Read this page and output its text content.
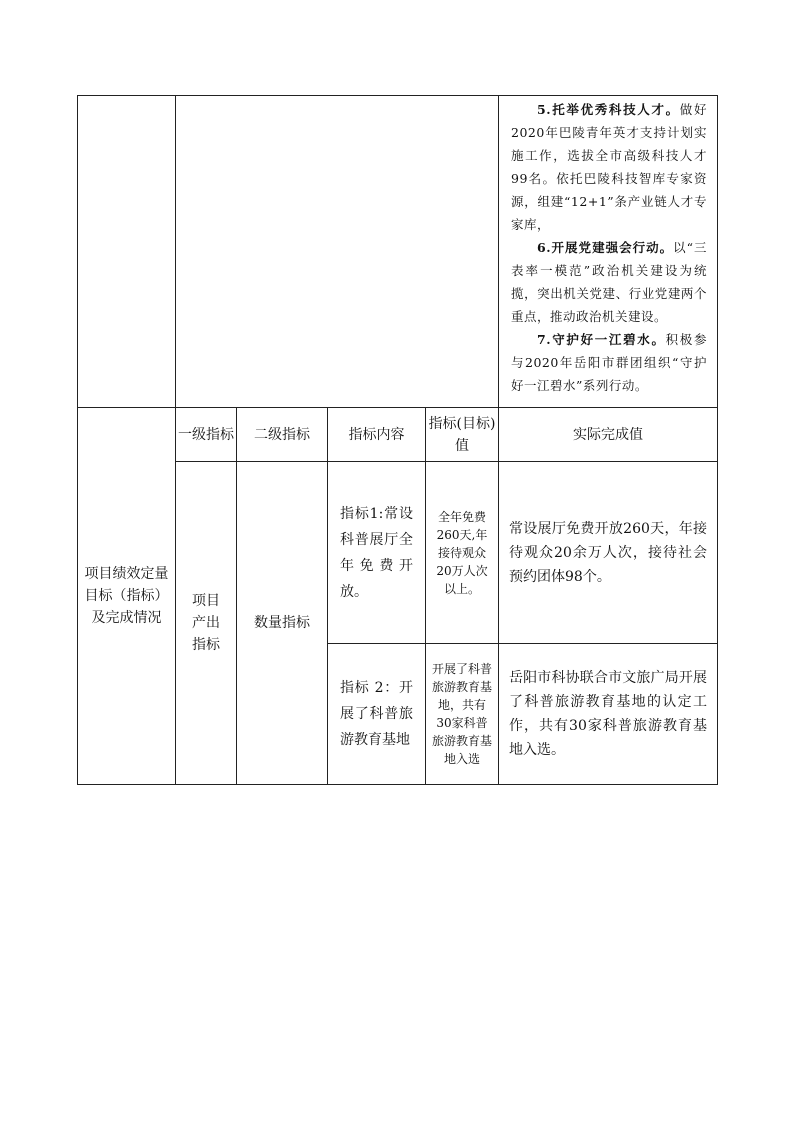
					5.托举优秀科技人才。做好2020年巴陵青年英才支持计划实施工作，选拔全市高级科技人才99名。依托巴陵科技智库专家资源，组建“12+1”条产业链人才专家库，

6.开展党建强会行动。以“三表率一模范”政治机关建设为统揽，突出机关党建、行业党建两个重点，推动政治机关建设。

7.守护好一江碧水。积极参与2020年岳阳市群团组织“守护好一江碧水”系列行动。

项目绩效定量目标（指标）及完成情况	一级指标	二级指标	指标内容	指标(目标)值	实际完成值
	项目产出指标	数量指标	指标1:常设科普展厅全年免费开放。	全年免费260天,年接待观众20万人次以上。	常设展厅免费开放260天，年接待观众20余万人次，接待社会预约团体98个。
			指标 2：开展了科普旅游教育基地	开展了科普旅游教育基地，共有 30家科普旅游教育基地入选	岳阳市科协联合市文旅广局开展了科普旅游教育基地的认定工作，共有30家科普旅游教育基地入选。
